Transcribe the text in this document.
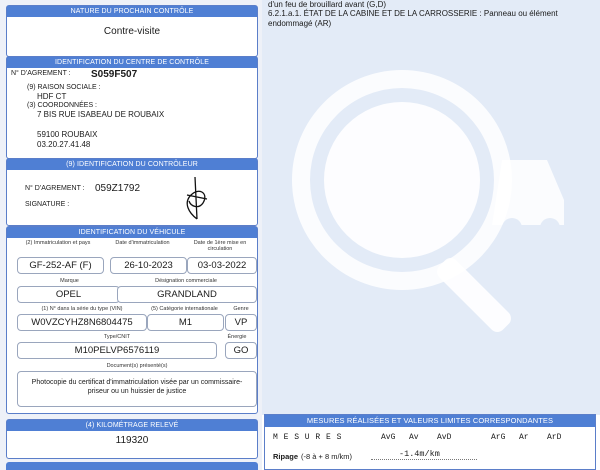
NATURE DU PROCHAIN CONTRÔLE
Contre-visite
IDENTIFICATION DU CENTRE DE CONTRÔLE
N° D'AGREMENT : S059F507
(9) RAISON SOCIALE :
HDF CT
(3) COORDONNÉES :
7 BIS RUE ISABEAU DE ROUBAIX
59100 ROUBAIX
03.20.27.41.48
(9) IDENTIFICATION DU CONTRÔLEUR
N° D'AGREMENT : 059Z1792
SIGNATURE :
IDENTIFICATION DU VÉHICULE
(2) Immatriculation et pays	Date d'immatriculation	Date de 1ère mise en circulation
GF-252-AF (F)	26-10-2023	03-03-2022
Marque	Désignation commerciale
OPEL	GRANDLAND
(1) N° dans la série du type (VIN)	(5) Catégorie internationale	Genre
W0VZCYHZ8N6804475	M1	VP
Type/CNIT	Énergie
M10PELVP6576119	GO
Document(s) présenté(s)
Photocopie du certificat d'immatriculation visée par un commissaire-priseur ou un huissier de justice
(4) KILOMÉTRAGE RELEVÉ
119320
d'un feu de brouillard avant (G,D)
6.2.1.a.1. ÉTAT DE LA CABINE ET DE LA CARROSSERIE : Panneau ou élément
endommagé (AR)
MESURES RÉALISÉES ET VALEURS LIMITES CORRESPONDANTES
M E S U R E S	AvG Av AvD	ArG Ar ArD
Ripage (-8 à + 8 m/km)	-1.4m/km
